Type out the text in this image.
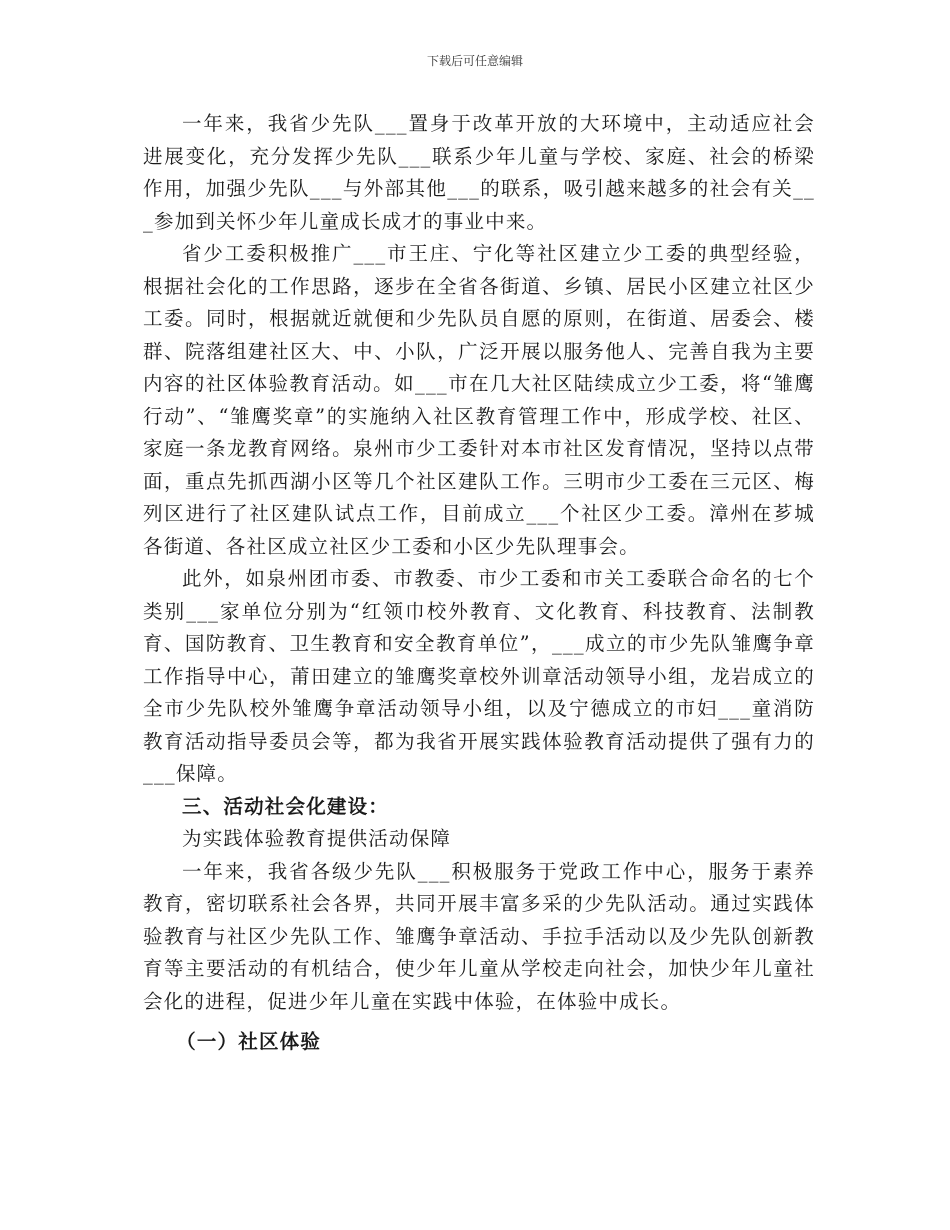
下载后可任意编辑

一年来，我省少先队___置身于改革开放的大环境中，主动适应社会进展变化，充分发挥少先队___联系少年儿童与学校、家庭、社会的桥梁作用，加强少先队___与外部其他___的联系，吸引越来越多的社会有关___参加到关怀少年儿童成长成才的事业中来。

省少工委积极推广___市王庄、宁化等社区建立少工委的典型经验，根据社会化的工作思路，逐步在全省各街道、乡镇、居民小区建立社区少工委。同时，根据就近就便和少先队员自愿的原则，在街道、居委会、楼群、院落组建社区大、中、小队，广泛开展以服务他人、完善自我为主要内容的社区体验教育活动。如___市在几大社区陆续成立少工委，将“雏鹰行动”、“雏鹰奖章”的实施纳入社区教育管理工作中，形成学校、社区、家庭一条龙教育网络。泉州市少工委针对本市社区发育情况，坚持以点带面，重点先抓西湖小区等几个社区建队工作。三明市少工委在三元区、梅列区进行了社区建队试点工作，目前成立___个社区少工委。漳州在芗城各街道、各社区成立社区少工委和小区少先队理事会。

此外，如泉州团市委、市教委、市少工委和市关工委联合命名的七个类别___家单位分别为“红领巾校外教育、文化教育、科技教育、法制教育、国防教育、卫生教育和安全教育单位”，___成立的市少先队雏鹰争章工作指导中心，莆田建立的雏鹰奖章校外训章活动领导小组，龙岩成立的全市少先队校外雏鹰争章活动领导小组，以及宁德成立的市妇___童消防教育活动指导委员会等，都为我省开展实践体验教育活动提供了强有力的___保障。

三、活动社会化建设：

为实践体验教育提供活动保障

一年来，我省各级少先队___积极服务于党政工作中心，服务于素养教育，密切联系社会各界，共同开展丰富多采的少先队活动。通过实践体验教育与社区少先队工作、雏鹰争章活动、手拉手活动以及少先队创新教育等主要活动的有机结合，使少年儿童从学校走向社会，加快少年儿童社会化的进程，促进少年儿童在实践中体验，在体验中成长。

（一）社区体验
